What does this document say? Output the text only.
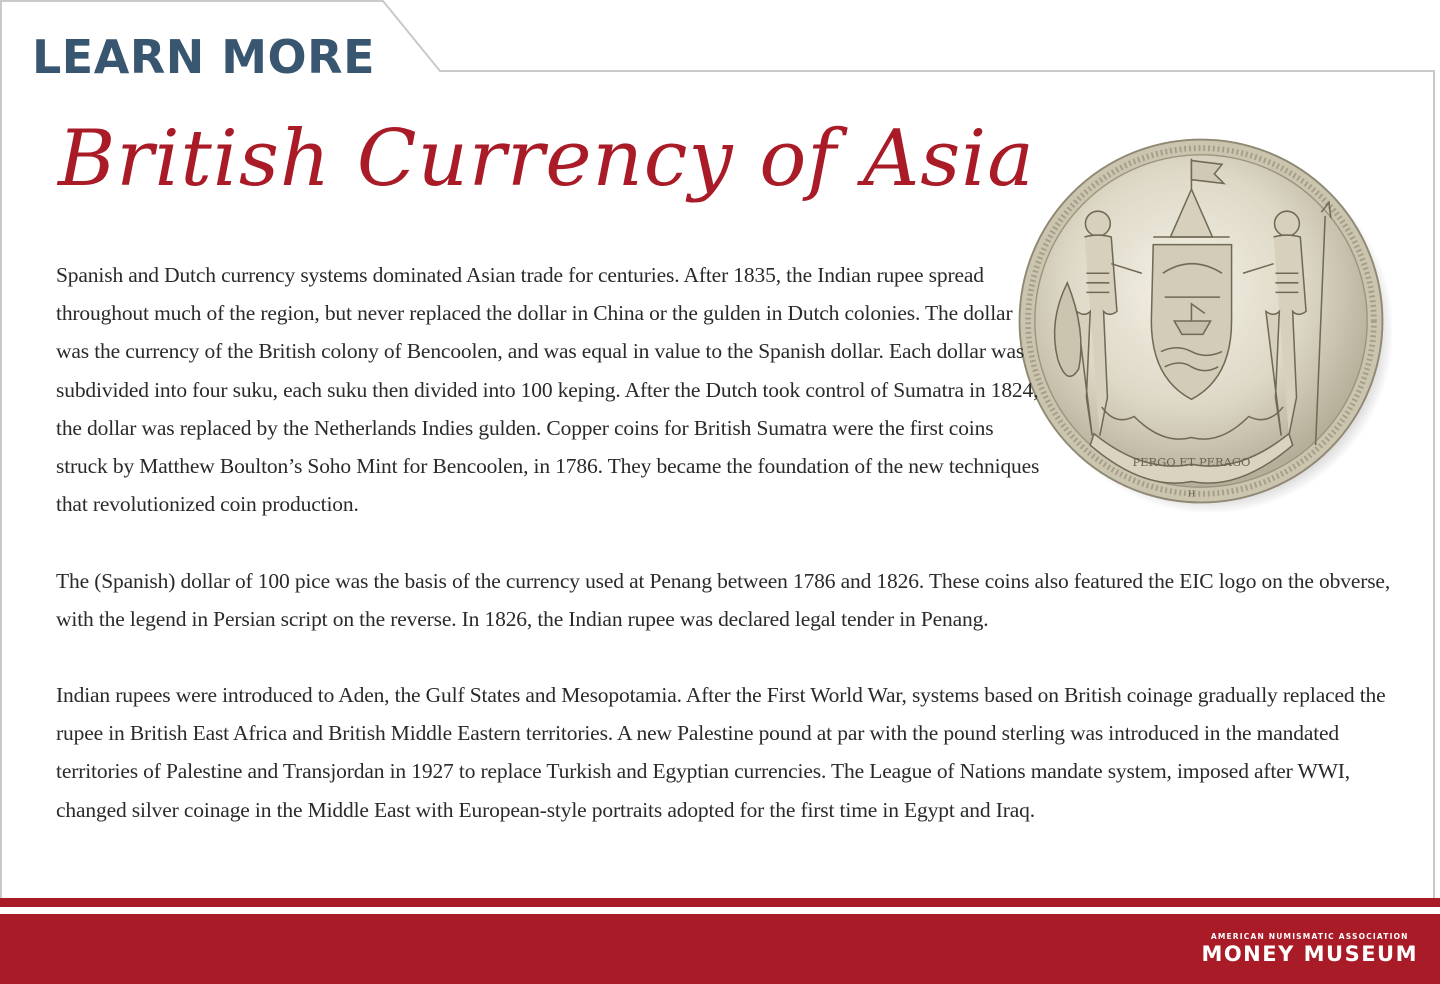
LEARN MORE
British Currency of Asia
PERGO ET PERAGO
H

Spanish and Dutch currency systems dominated Asian trade for centuries. After 1835, the Indian rupee spread throughout much of the region, but never replaced the dollar in China or the gulden in Dutch colonies. The dollar was the currency of the British colony of Bencoolen, and was equal in value to the Spanish dollar. Each dollar was subdivided into four suku, each suku then divided into 100 keping. After the Dutch took control of Sumatra in 1824, the dollar was replaced by the Netherlands Indies gulden. Copper coins for British Sumatra were the first coins struck by Matthew Boulton’s Soho Mint for Bencoolen, in 1786. They became the foundation of the new techniques that revolutionized coin production.

The (Spanish) dollar of 100 pice was the basis of the currency used at Penang between 1786 and 1826. These coins also featured the EIC logo on the obverse, with the legend in Persian script on the reverse. In 1826, the Indian rupee was declared legal tender in Penang.

Indian rupees were introduced to Aden, the Gulf States and Mesopotamia. After the First World War, systems based on British coinage gradually replaced the rupee in British East Africa and British Middle Eastern territories. A new Palestine pound at par with the pound sterling was introduced in the mandated territories of Palestine and Transjordan in 1927 to replace Turkish and Egyptian currencies. The League of Nations mandate system, imposed after WWI, changed silver coinage in the Middle East with European-style portraits adopted for the first time in Egypt and Iraq.

AMERICAN NUMISMATIC ASSOCIATION
MONEY MUSEUM
